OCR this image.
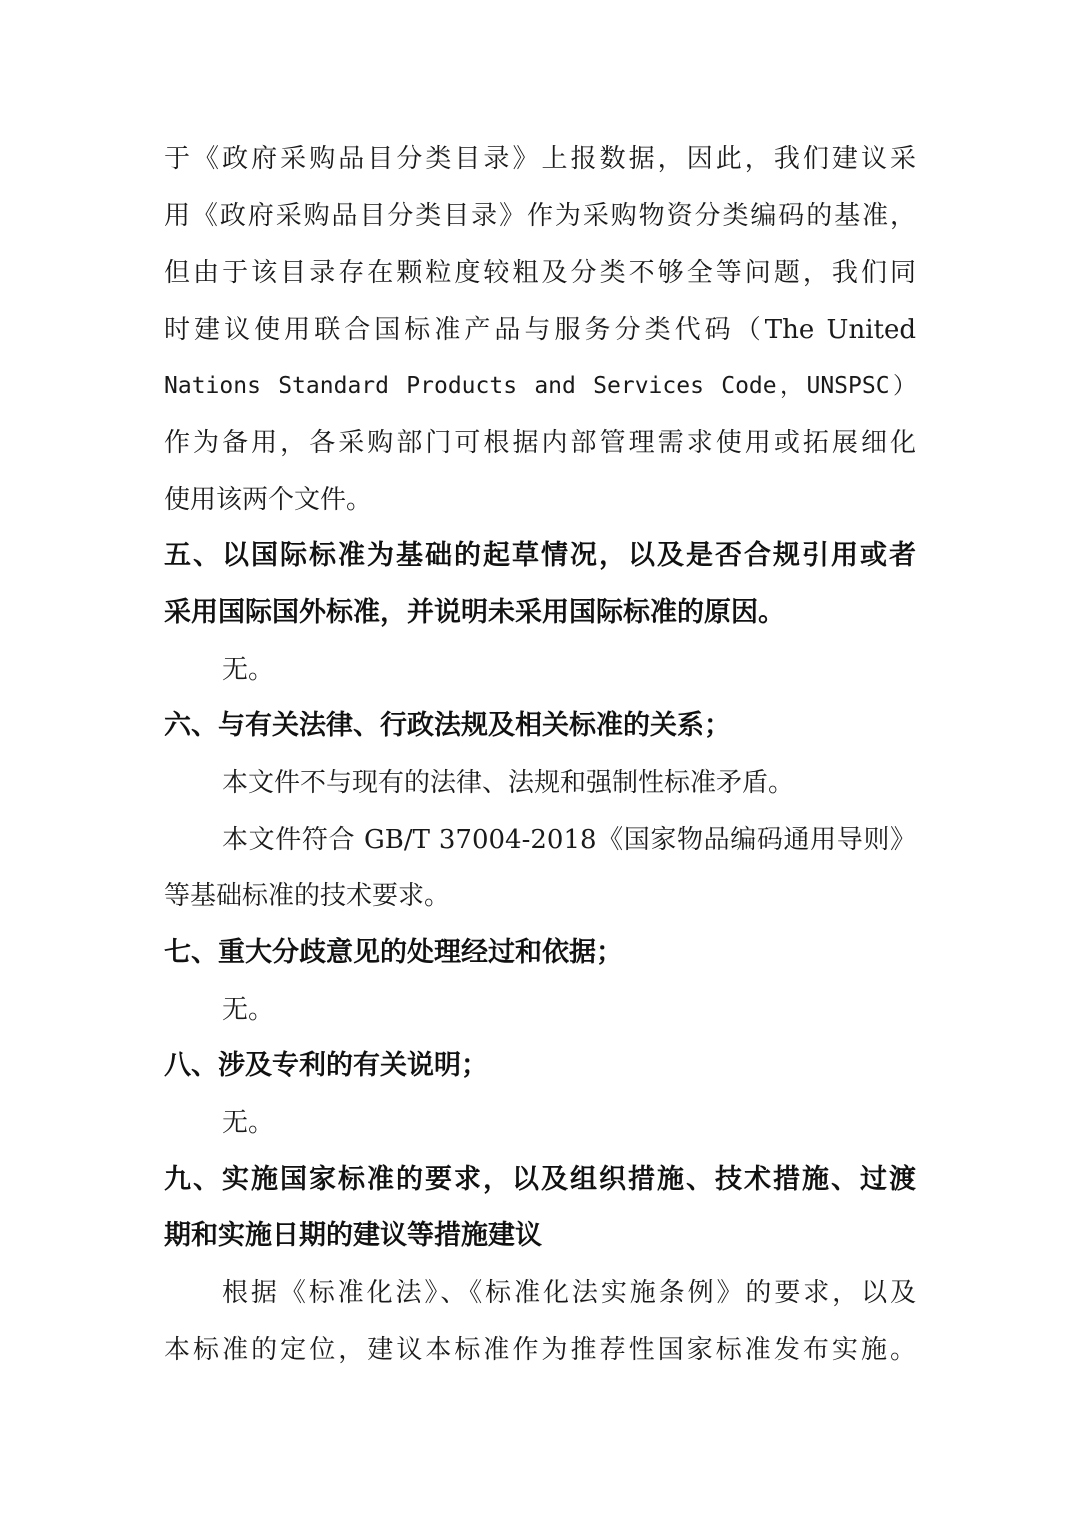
于《政府采购品目分类目录》上报数据，因此，我们建议采

用《政府采购品目分类目录》作为采购物资分类编码的基准，

但由于该目录存在颗粒度较粗及分类不够全等问题，我们同

时建议使用联合国标准产品与服务分类代码（The United

Nations Standard Products and Services Code，UNSPSC）

作为备用，各采购部门可根据内部管理需求使用或拓展细化

使用该两个文件。

五、以国际标准为基础的起草情况，以及是否合规引用或者

采用国际国外标准，并说明未采用国际标准的原因。

无。

六、与有关法律、行政法规及相关标准的关系；

本文件不与现有的法律、法规和强制性标准矛盾。

本文件符合 GB/T 37004-2018《国家物品编码通用导则》

等基础标准的技术要求。

七、重大分歧意见的处理经过和依据；

无。

八、涉及专利的有关说明；

无。

九、实施国家标准的要求，以及组织措施、技术措施、过渡

期和实施日期的建议等措施建议

根据《标准化法》、《标准化法实施条例》的要求，以及

本标准的定位，建议本标准作为推荐性国家标准发布实施。
